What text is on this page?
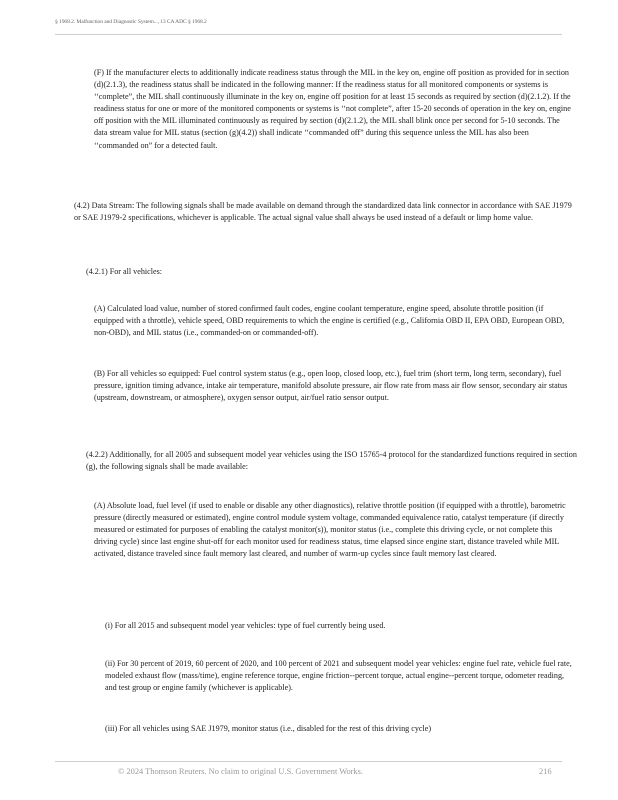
§ 1968.2. Malfunction and Diagnostic System..., 13 CA ADC § 1968.2

(F) If the manufacturer elects to additionally indicate readiness status through the MIL in the key on, engine off position as provided for in section (d)(2.1.3), the readiness status shall be indicated in the following manner: If the readiness status for all monitored components or systems is ‘‘complete”, the MIL shall continuously illuminate in the key on, engine off position for at least 15 seconds as required by section (d)(2.1.2). If the readiness status for one or more of the monitored components or systems is ‘‘not complete”, after 15-20 seconds of operation in the key on, engine off position with the MIL illuminated continuously as required by section (d)(2.1.2), the MIL shall blink once per second for 5-10 seconds. The data stream value for MIL status (section (g)(4.2)) shall indicate ‘‘commanded off” during this sequence unless the MIL has also been ‘‘commanded on” for a detected fault.

(4.2) Data Stream: The following signals shall be made available on demand through the standardized data link connector in accordance with SAE J1979 or SAE J1979-2 specifications, whichever is applicable. The actual signal value shall always be used instead of a default or limp home value.

(4.2.1) For all vehicles:

(A) Calculated load value, number of stored confirmed fault codes, engine coolant temperature, engine speed, absolute throttle position (if equipped with a throttle), vehicle speed, OBD requirements to which the engine is certified (e.g., California OBD II, EPA OBD, European OBD, non-OBD), and MIL status (i.e., commanded-on or commanded-off).

(B) For all vehicles so equipped: Fuel control system status (e.g., open loop, closed loop, etc.), fuel trim (short term, long term, secondary), fuel pressure, ignition timing advance, intake air temperature, manifold absolute pressure, air flow rate from mass air flow sensor, secondary air status (upstream, downstream, or atmosphere), oxygen sensor output, air/fuel ratio sensor output.

(4.2.2) Additionally, for all 2005 and subsequent model year vehicles using the ISO 15765-4 protocol for the standardized functions required in section (g), the following signals shall be made available:

(A) Absolute load, fuel level (if used to enable or disable any other diagnostics), relative throttle position (if equipped with a throttle), barometric pressure (directly measured or estimated), engine control module system voltage, commanded equivalence ratio, catalyst temperature (if directly measured or estimated for purposes of enabling the catalyst monitor(s)), monitor status (i.e., complete this driving cycle, or not complete this driving cycle) since last engine shut-off for each monitor used for readiness status, time elapsed since engine start, distance traveled while MIL activated, distance traveled since fault memory last cleared, and number of warm-up cycles since fault memory last cleared.

(i) For all 2015 and subsequent model year vehicles: type of fuel currently being used.

(ii) For 30 percent of 2019, 60 percent of 2020, and 100 percent of 2021 and subsequent model year vehicles: engine fuel rate, vehicle fuel rate, modeled exhaust flow (mass/time), engine reference torque, engine friction--percent torque, actual engine--percent torque, odometer reading, and test group or engine family (whichever is applicable).

(iii) For all vehicles using SAE J1979, monitor status (i.e., disabled for the rest of this driving cycle)

© 2024 Thomson Reuters. No claim to original U.S. Government Works.	216
